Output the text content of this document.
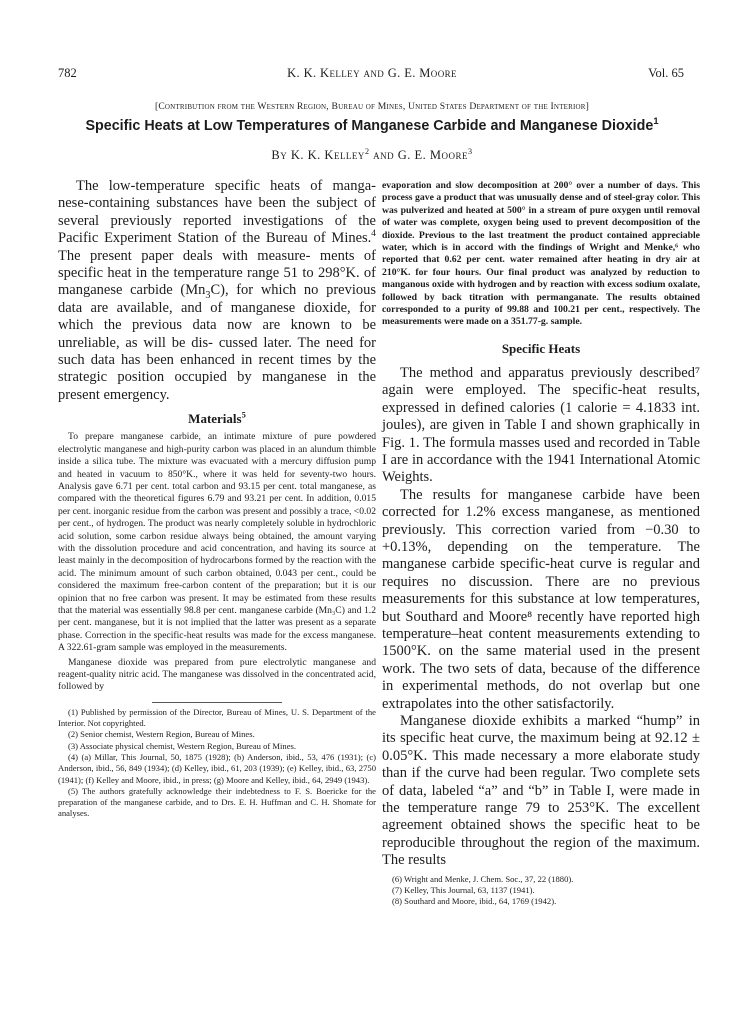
782	K. K. Kelley and G. E. Moore	Vol. 65
[Contribution from the Western Region, Bureau of Mines, United States Department of the Interior]
Specific Heats at Low Temperatures of Manganese Carbide and Manganese Dioxide$^1$
By K. K. Kelley$^2$ and G. E. Moore$^3$

The low-temperature specific heats of manga- nese-containing substances have been the subject of several previously reported investigations of the Pacific Experiment Station of the Bureau of Mines.$^4$ The present paper deals with measure- ments of specific heat in the temperature range 51 to 298°K. of manganese carbide $(Mn_3C)$, for which no previous data are available, and of manganese dioxide, for which the previous data now are known to be unreliable, as will be dis- cussed later. The need for such data has been enhanced in recent times by the strategic position occupied by manganese in the present emergency.

Materials$^5$

To prepare manganese carbide, an intimate mixture of pure powdered electrolytic manganese and high-purity carbon was placed in an alundum thimble inside a silica tube. The mixture was evacuated with a mercury diffusion pump and heated in vacuum to 850°K., where it was held for seventy-two hours. Analysis gave 6.71 per cent. total carbon and 93.15 per cent. total manganese, as compared with the theoretical figures 6.79 and 93.21 per cent. In addition, 0.015 per cent. inorganic residue from the carbon was present and possibly a trace, <0.02 per cent., of hydrogen. The product was nearly completely soluble in hydrochloric acid solution, some carbon residue always being obtained, the amount varying with the dissolution procedure and acid concentration, and having its source at least mainly in the decomposition of hydrocarbons formed by the reaction with the acid. The minimum amount of such carbon obtained, 0.043 per cent., could be considered the maximum free-carbon content of the preparation; but it is our opinion that no free carbon was present. It may be estimated from these results that the material was essentially 98.8 per cent. manganese carbide (Mn₃C) and 1.2 per cent. manganese, but it is not implied that the latter was present as a separate phase. Correction in the specific-heat results was made for the excess manganese. A 322.61-gram sample was employed in the measurements.

Manganese dioxide was prepared from pure electrolytic manganese and reagent-quality nitric acid. The manganese was dissolved in the concentrated acid, followed by

(1) Published by permission of the Director, Bureau of Mines, U. S. Department of the Interior. Not copyrighted.

(2) Senior chemist, Western Region, Bureau of Mines.

(3) Associate physical chemist, Western Region, Bureau of Mines.

(4) (a) Millar, This Journal, 50, 1875 (1928); (b) Anderson, ibid., 53, 476 (1931); (c) Anderson, ibid., 56, 849 (1934); (d) Kelley, ibid., 61, 203 (1939); (e) Kelley, ibid., 63, 2750 (1941); (f) Kelley and Moore, ibid., in press; (g) Moore and Kelley, ibid., 64, 2949 (1943).

(5) The authors gratefully acknowledge their indebtedness to F. S. Boericke for the preparation of the manganese carbide, and to Drs. E. H. Huffman and C. H. Shomate for analyses.

evaporation and slow decomposition at 200° over a number of days. This process gave a product that was unusually dense and of steel-gray color. This was pulverized and heated at 500° in a stream of pure oxygen until removal of water was complete, oxygen being used to prevent decomposition of the dioxide. Previous to the last treatment the product contained appreciable water, which is in accord with the findings of Wright and Menke,⁶ who reported that 0.62 per cent. water remained after heating in dry air at 210°K. for four hours. Our final product was analyzed by reduction to manganous oxide with hydrogen and by reaction with excess sodium oxalate, followed by back titration with permanganate. The results obtained corresponded to a purity of 99.88 and 100.21 per cent., respectively. The measurements were made on a 351.77-g. sample.

Specific Heats

The method and apparatus previously described⁷ again were employed. The specific-heat results, expressed in defined calories (1 calorie = 4.1833 int. joules), are given in Table I and shown graphically in Fig. 1. The formula masses used and recorded in Table I are in accordance with the 1941 International Atomic Weights.

The results for manganese carbide have been corrected for 1.2% excess manganese, as mentioned previously. This correction varied from −0.30 to +0.13%, depending on the temperature. The manganese carbide specific-heat curve is regular and requires no discussion. There are no previous measurements for this substance at low temperatures, but Southard and Moore⁸ recently have reported high temperature–heat content measurements extending to 1500°K. on the same material used in the present work. The two sets of data, because of the difference in experimental methods, do not overlap but one extrapolates into the other satisfactorily.

Manganese dioxide exhibits a marked “hump” in its specific heat curve, the maximum being at 92.12 ± 0.05°K. This made necessary a more elaborate study than if the curve had been regular. Two complete sets of data, labeled “a” and “b” in Table I, were made in the temperature range 79 to 253°K. The excellent agreement obtained shows the specific heat to be reproducible throughout the region of the maximum. The results

(6) Wright and Menke, J. Chem. Soc., 37, 22 (1880).

(7) Kelley, This Journal, 63, 1137 (1941).

(8) Southard and Moore, ibid., 64, 1769 (1942).
